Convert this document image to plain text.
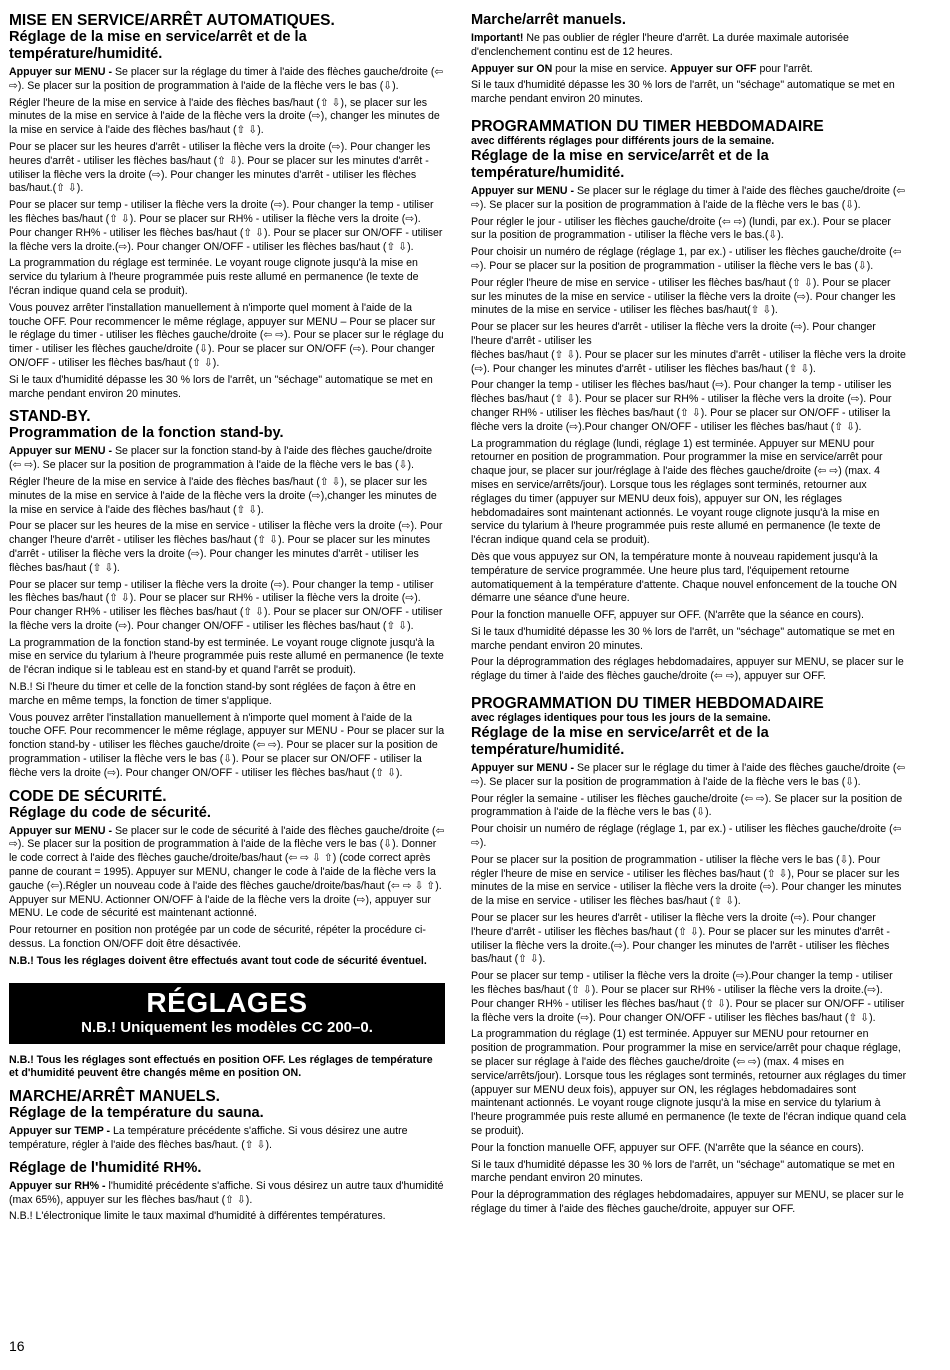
MISE EN SERVICE/ARRÊT AUTOMATIQUES.
Réglage de la mise en service/arrêt et de la température/humidité.

Appuyer sur MENU - Se placer sur la réglage du timer à l'aide des flèches gauche/droite (⇦ ⇨). Se placer sur la position de programmation à l'aide de la flèche vers le bas (⇩).

Régler l'heure de la mise en service à l'aide des flèches bas/haut (⇧ ⇩), se placer sur les minutes de la mise en service à l'aide de la flèche vers la droite (⇨), changer les minutes de la mise en service à l'aide des flèches bas/haut (⇧ ⇩).

Pour se placer sur les heures d'arrêt - utiliser la flèche vers la droite (⇨). Pour changer les heures d'arrêt - utiliser les flèches bas/haut (⇧ ⇩). Pour se placer sur les minutes d'arrêt - utiliser la flèche vers la droite (⇨). Pour changer les minutes d'arrêt - utiliser les flèches bas/haut.(⇧ ⇩).

Pour se placer sur temp - utiliser la flèche vers la droite (⇨). Pour changer la temp - utiliser les flèches bas/haut (⇧ ⇩). Pour se placer sur RH% - utiliser la flèche vers la droite (⇨). Pour changer RH% - utiliser les flèches bas/haut (⇧ ⇩). Pour se placer sur ON/OFF - utiliser la flèche vers la droite.(⇨). Pour changer ON/OFF - utiliser les flèches bas/haut (⇧ ⇩).

La programmation du réglage est terminée. Le voyant rouge clignote jusqu'à la mise en service du tylarium à l'heure programmée puis reste allumé en permanence (le texte de l'écran indique quand cela se produit).

Vous pouvez arrêter l'installation manuellement à n'importe quel moment à l'aide de la touche OFF. Pour recommencer le même réglage, appuyer sur MENU – Pour se placer sur le réglage du timer - utiliser les flèches gauche/droite (⇦ ⇨). Pour se placer sur le réglage du timer - utiliser les flèches gauche/droite (⇩). Pour se placer sur ON/OFF (⇨). Pour changer ON/OFF - utiliser les flèches bas/haut (⇧ ⇩).

Si le taux d'humidité dépasse les 30 % lors de l'arrêt, un "séchage" automatique se met en marche pendant environ 20 minutes.

STAND-BY.
Programmation de la fonction stand-by.

Appuyer sur MENU - Se placer sur la fonction stand-by à l'aide des flèches gauche/droite (⇦ ⇨). Se placer sur la position de programmation à l'aide de la flèche vers le bas (⇩).

Régler l'heure de la mise en service à l'aide des flèches bas/haut (⇧ ⇩), se placer sur les minutes de la mise en service à l'aide de la flèche vers la droite (⇨),changer les minutes de la mise en service à l'aide des flèches bas/haut (⇧ ⇩).

Pour se placer sur les heures de la mise en service - utiliser la flèche vers la droite (⇨). Pour changer l'heure d'arrêt - utiliser les flèches bas/haut (⇧ ⇩). Pour se placer sur les minutes d'arrêt - utiliser la flèche vers la droite (⇨). Pour changer les minutes d'arrêt - utiliser les flèches bas/haut (⇧ ⇩).

Pour se placer sur temp - utiliser la flèche vers la droite (⇨). Pour changer la temp - utiliser les flèches bas/haut (⇧ ⇩). Pour se placer sur RH% - utiliser la flèche vers la droite (⇨). Pour changer RH% - utiliser les flèches bas/haut (⇧ ⇩). Pour se placer sur ON/OFF - utiliser la flèche vers la droite (⇨). Pour changer ON/OFF - utiliser les flèches bas/haut (⇧ ⇩).

La programmation de la fonction stand-by est terminée. Le voyant rouge clignote jusqu'à la mise en service du tylarium à l'heure programmée puis reste allumé en permanence (le texte de l'écran indique si le tableau est en stand-by et quand l'arrêt se produit).

N.B.! Si l'heure du timer et celle de la fonction stand-by sont réglées de façon à être en marche en même temps, la fonction de timer s'applique.

Vous pouvez arrêter l'installation manuellement à n'importe quel moment à l'aide de la touche OFF. Pour recommencer le même réglage, appuyer sur MENU - Pour se placer sur la fonction stand-by - utiliser les flèches gauche/droite (⇦ ⇨). Pour se placer sur la position de programmation - utiliser la flèche vers le bas (⇩). Pour se placer sur ON/OFF - utiliser la flèche vers la droite (⇨). Pour changer ON/OFF - utiliser les flèches bas/haut (⇧ ⇩).

CODE DE SÉCURITÉ.
Réglage du code de sécurité.

Appuyer sur MENU - Se placer sur le code de sécurité à l'aide des flèches gauche/droite (⇦ ⇨). Se placer sur la position de programmation à l'aide de la flèche vers le bas (⇩). Donner le code correct à l'aide des flèches gauche/droite/bas/haut (⇦ ⇨ ⇩ ⇧) (code correct après panne de courant = 1995). Appuyer sur MENU, changer le code à l'aide de la flèche vers la gauche (⇦).Régler un nouveau code à l'aide des flèches gauche/droite/bas/haut (⇦ ⇨ ⇩ ⇧). Appuyer sur MENU. Actionner ON/OFF à l'aide de la flèche vers la droite (⇨), appuyer sur MENU. Le code de sécurité est maintenant actionné.

Pour retourner en position non protégée par un code de sécurité, répéter la procédure ci-dessus. La fonction ON/OFF doit être désactivée.

N.B.! Tous les réglages doivent être effectués avant tout code de sécurité éventuel.

RÉGLAGES
N.B.! Uniquement les modèles CC 200–0.

N.B.! Tous les réglages sont effectués en position OFF. Les réglages de température et d'humidité peuvent être changés même en position ON.

MARCHE/ARRÊT MANUELS.
Réglage de la température du sauna.

Appuyer sur TEMP - La température précédente s'affiche. Si vous désirez une autre température, régler à l'aide des flèches bas/haut. (⇧ ⇩).

Réglage de l'humidité RH%.

Appuyer sur RH% - l'humidité précédente s'affiche. Si vous désirez un autre taux d'humidité (max 65%), appuyer sur les flèches bas/haut (⇧ ⇩).

N.B.! L'électronique limite le taux maximal d'humidité à différentes températures.

Marche/arrêt manuels.

Important! Ne pas oublier de régler l'heure d'arrêt. La durée maximale autorisée d'enclenchement continu est de 12 heures.

Appuyer sur ON pour la mise en service. Appuyer sur OFF pour l'arrêt.

Si le taux d'humidité dépasse les 30 % lors de l'arrêt, un "séchage" automatique se met en marche pendant environ 20 minutes.

PROGRAMMATION DU TIMER HEBDOMADAIRE
avec différents réglages pour différents jours de la semaine.
Réglage de la mise en service/arrêt et de la température/humidité.

Appuyer sur MENU - Se placer sur le réglage du timer à l'aide des flèches gauche/droite (⇦ ⇨). Se placer sur la position de programmation à l'aide de la flèche vers le bas (⇩).

Pour régler le jour - utiliser les flèches gauche/droite (⇦ ⇨) (lundi, par ex.). Pour se placer sur la position de programmation - utiliser la flèche vers le bas.(⇩).

Pour choisir un numéro de réglage (réglage 1, par ex.) - utiliser les flèches gauche/droite (⇦ ⇨). Pour se placer sur la position de programmation - utiliser la flèche vers le bas (⇩).

Pour régler l'heure de mise en service - utiliser les flèches bas/haut (⇧ ⇩). Pour se placer sur les minutes de la mise en service - utiliser la flèche vers la droite (⇨). Pour changer les minutes de la mise en service - utiliser les flèches bas/haut(⇧ ⇩).

Pour se placer sur les heures d'arrêt - utiliser la flèche vers la droite (⇨). Pour changer l'heure d'arrêt - utiliser les

flèches bas/haut (⇧ ⇩). Pour se placer sur les minutes d'arrêt - utiliser la flèche vers la droite (⇨). Pour changer les minutes d'arrêt - utiliser les flèches bas/haut (⇧ ⇩).

Pour changer la temp - utiliser les flèches bas/haut (⇨). Pour changer la temp - utiliser les flèches bas/haut (⇧ ⇩). Pour se placer sur RH% - utiliser la flèche vers la droite (⇨). Pour changer RH% - utiliser les flèches bas/haut (⇧ ⇩). Pour se placer sur ON/OFF - utiliser la flèche vers la droite (⇨).Pour changer ON/OFF - utiliser les flèches bas/haut (⇧ ⇩).

La programmation du réglage (lundi, réglage 1) est terminée. Appuyer sur MENU pour retourner en position de programmation. Pour programmer la mise en service/arrêt pour chaque jour, se placer sur jour/réglage à l'aide des flèches gauche/droite (⇦ ⇨) (max. 4 mises en service/arrêts/jour). Lorsque tous les réglages sont terminés, retourner aux réglages du timer (appuyer sur MENU deux fois), appuyer sur ON, les réglages hebdomadaires sont maintenant actionnés. Le voyant rouge clignote jusqu'à la mise en service du tylarium à l'heure programmée puis reste allumé en permanence (le texte de l'écran indique quand cela se produit).

Dès que vous appuyez sur ON, la température monte à nouveau rapidement jusqu'à la température de service programmée. Une heure plus tard, l'équipement retourne automatiquement à la température d'attente. Chaque nouvel enfoncement de la touche ON démarre une séance d'une heure.

Pour la fonction manuelle OFF, appuyer sur OFF. (N'arrête que la séance en cours).

Si le taux d'humidité dépasse les 30 % lors de l'arrêt, un "séchage" automatique se met en marche pendant environ 20 minutes.

Pour la déprogrammation des réglages hebdomadaires, appuyer sur MENU, se placer sur le réglage du timer à l'aide des flèches gauche/droite (⇦ ⇨), appuyer sur OFF.

PROGRAMMATION DU TIMER HEBDOMADAIRE
avec réglages identiques pour tous les jours de la semaine.
Réglage de la mise en service/arrêt et de la température/humidité.

Appuyer sur MENU - Se placer sur le réglage du timer à l'aide des flèches gauche/droite (⇦ ⇨). Se placer sur la position de programmation à l'aide de la flèche vers le bas (⇩).

Pour régler la semaine - utiliser les flèches gauche/droite (⇦ ⇨). Se placer sur la position de programmation à l'aide de la flèche vers le bas (⇩).

Pour choisir un numéro de réglage (réglage 1, par ex.) - utiliser les flèches gauche/droite (⇦ ⇨).

Pour se placer sur la position de programmation - utiliser la flèche vers le bas (⇩). Pour régler l'heure de mise en service - utiliser les flèches bas/haut (⇧ ⇩), Pour se placer sur les minutes de la mise en service - utiliser la flèche vers la droite (⇨). Pour changer les minutes de la mise en service - utiliser les flèches bas/haut (⇧ ⇩).

Pour se placer sur les heures d'arrêt - utiliser la flèche vers la droite (⇨). Pour changer l'heure d'arrêt - utiliser les flèches bas/haut (⇧ ⇩). Pour se placer sur les minutes d'arrêt - utiliser la flèche vers la droite.(⇨). Pour changer les minutes de l'arrêt - utiliser les flèches bas/haut (⇧ ⇩).

Pour se placer sur temp - utiliser la flèche vers la droite (⇨).Pour changer la temp - utiliser les flèches bas/haut (⇧ ⇩). Pour se placer sur RH% - utiliser la flèche vers la droite.(⇨). Pour changer RH% - utiliser les flèches bas/haut (⇧ ⇩). Pour se placer sur ON/OFF - utiliser la flèche vers la droite (⇨). Pour changer ON/OFF - utiliser les flèches bas/haut (⇧ ⇩).

La programmation du réglage (1) est terminée. Appuyer sur MENU pour retourner en position de programmation. Pour programmer la mise en service/arrêt pour chaque réglage, se placer sur réglage à l'aide des flèches gauche/droite (⇦ ⇨) (max. 4 mises en service/arrêts/jour). Lorsque tous les réglages sont terminés, retourner aux réglages du timer (appuyer sur MENU deux fois), appuyer sur ON, les réglages hebdomadaires sont maintenant actionnés. Le voyant rouge clignote jusqu'à la mise en service du tylarium à l'heure programmée puis reste allumé en permanence (le texte de l'écran indique quand cela se produit).

Pour la fonction manuelle OFF, appuyer sur OFF. (N'arrête que la séance en cours).

Si le taux d'humidité dépasse les 30 % lors de l'arrêt, un "séchage" automatique se met en marche pendant environ 20 minutes.

Pour la déprogrammation des réglages hebdomadaires, appuyer sur MENU, se placer sur le réglage du timer à l'aide des flèches gauche/droite, appuyer sur OFF.

16
